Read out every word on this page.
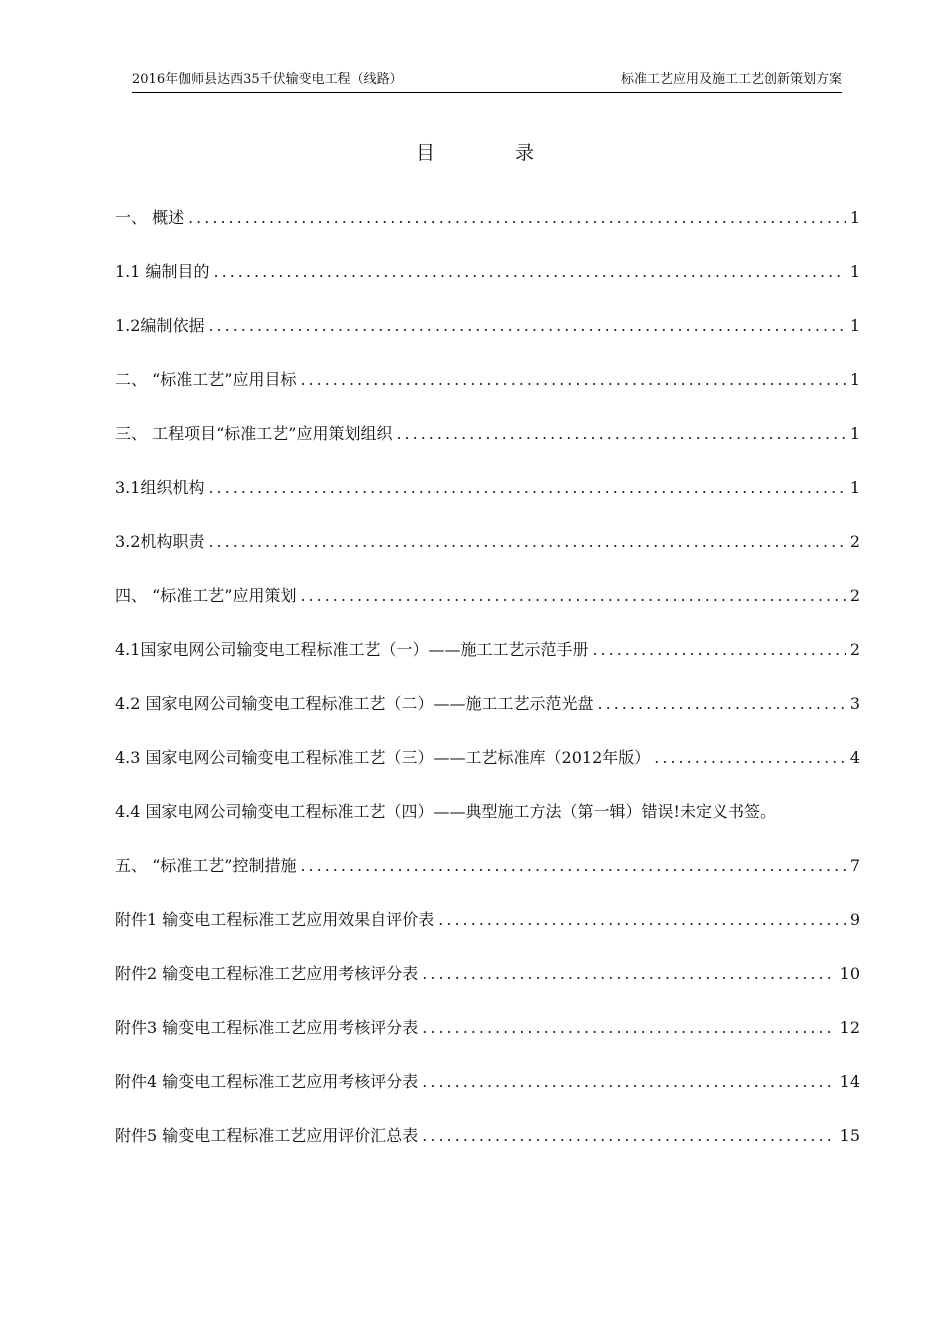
2016年伽师县达西35千伏输变电工程（线路）	标准工艺应用及施工工艺创新策划方案
目	录
一、 概述 .....	1
1.1 编制目的 .....	1
1.2编制依据 .....	1
二、 “标准工艺”应用目标 .....	1
三、 工程项目“标准工艺”应用策划组织 .....	1
3.1组织机构 .....	1
3.2机构职责 .....	2
四、 “标准工艺”应用策划 .....	2
4.1国家电网公司输变电工程标准工艺（一）——施工工艺示范手册 .....	2
4.2 国家电网公司输变电工程标准工艺（二）——施工工艺示范光盘 .....	3
4.3 国家电网公司输变电工程标准工艺（三）——工艺标准库（2012年版） .....	4
4.4 国家电网公司输变电工程标准工艺（四）——典型施工方法（第一辑）错误!未定义书签。
五、 “标准工艺”控制措施 .....	7
附件1 输变电工程标准工艺应用效果自评价表 .....	9
附件2 输变电工程标准工艺应用考核评分表 .....	10
附件3 输变电工程标准工艺应用考核评分表 .....	12
附件4 输变电工程标准工艺应用考核评分表 .....	14
附件5 输变电工程标准工艺应用评价汇总表 .....	15
